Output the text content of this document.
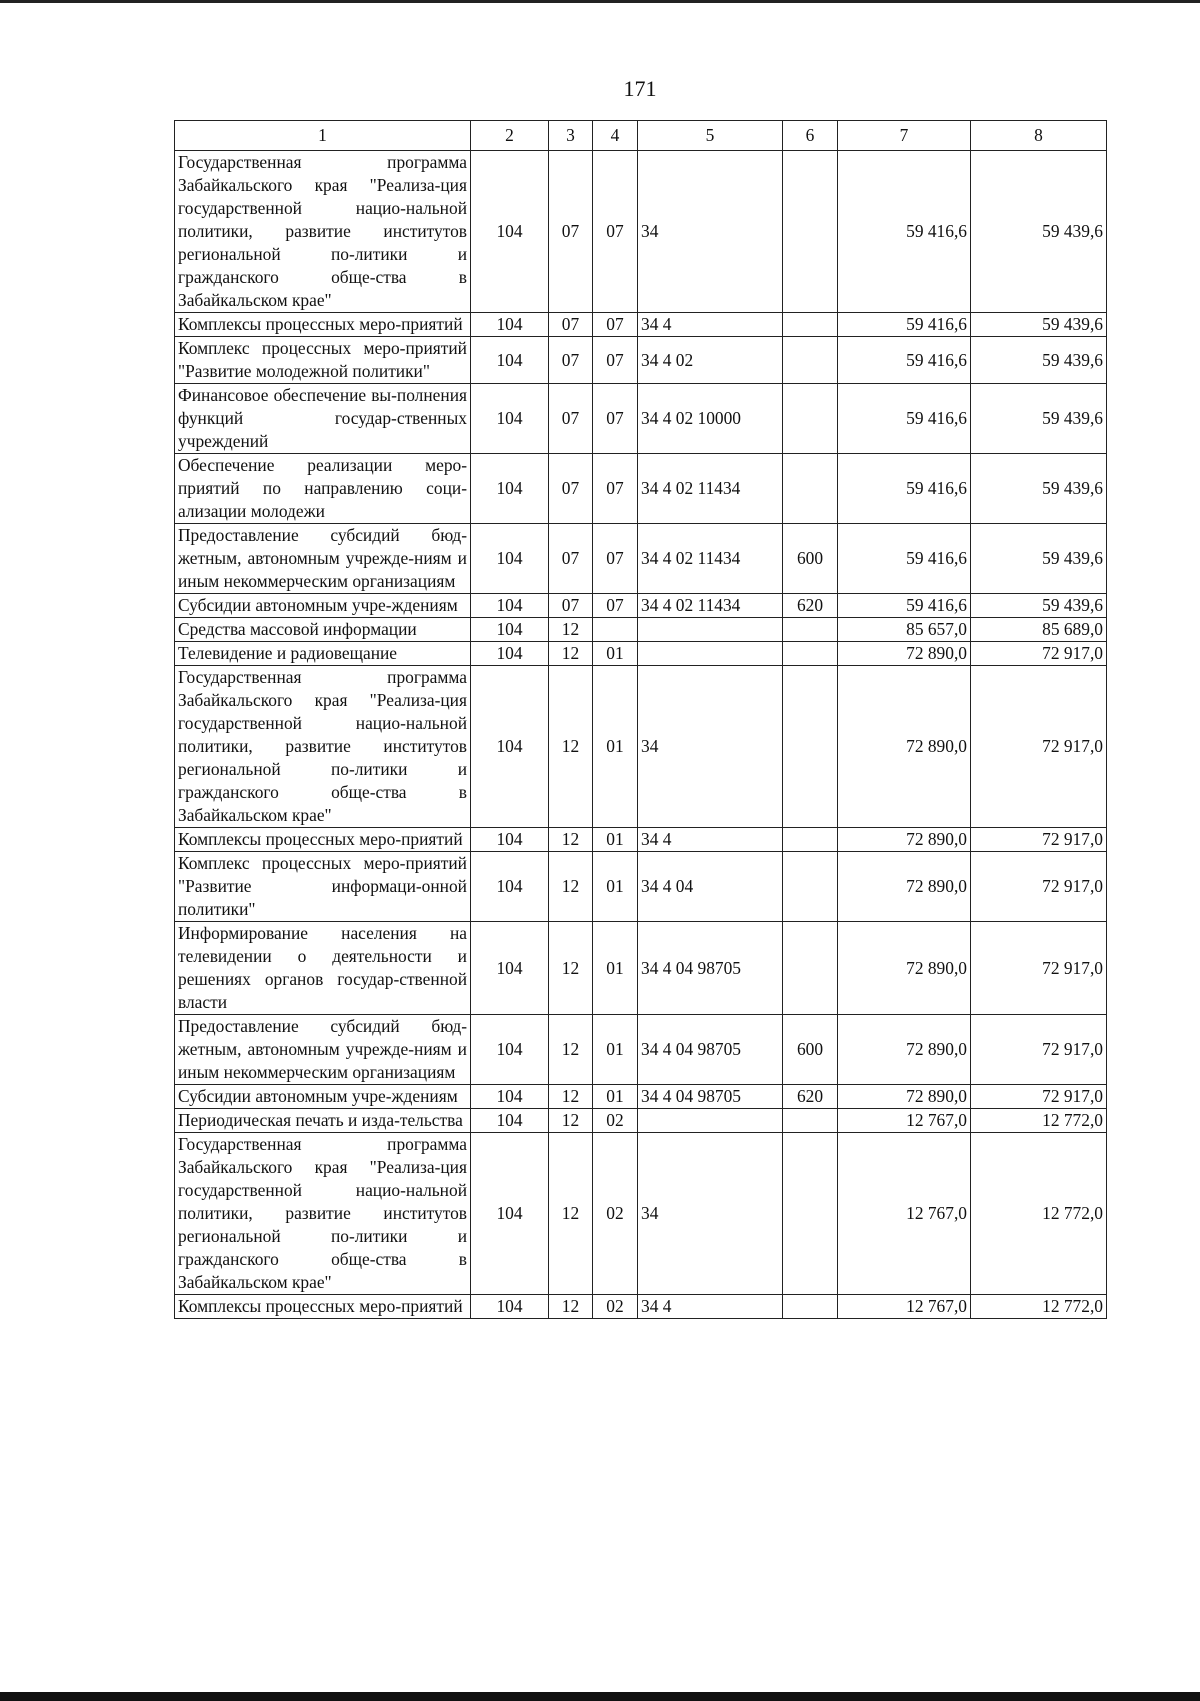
171
1	2	3	4	5	6	7	8
Государственная программа Забайкальского края "Реализа-ция государственной нацио-нальной политики, развитие институтов региональной по-литики и гражданского обще-ства в Забайкальском крае"	104	07	07	34		59 416,6	59 439,6
Комплексы процессных меро-приятий	104	07	07	34 4		59 416,6	59 439,6
Комплекс процессных меро-приятий "Развитие молодежной политики"	104	07	07	34 4 02		59 416,6	59 439,6
Финансовое обеспечение вы-полнения функций государ-ственных учреждений	104	07	07	34 4 02 10000		59 416,6	59 439,6
Обеспечение реализации меро-приятий по направлению соци-ализации молодежи	104	07	07	34 4 02 11434		59 416,6	59 439,6
Предоставление субсидий бюд-жетным, автономным учрежде-ниям и иным некоммерческим организациям	104	07	07	34 4 02 11434	600	59 416,6	59 439,6
Субсидии автономным учре-ждениям	104	07	07	34 4 02 11434	620	59 416,6	59 439,6
Средства массовой информации	104	12				85 657,0	85 689,0
Телевидение и радиовещание	104	12	01			72 890,0	72 917,0
Государственная программа Забайкальского края "Реализа-ция государственной нацио-нальной политики, развитие институтов региональной по-литики и гражданского обще-ства в Забайкальском крае"	104	12	01	34		72 890,0	72 917,0
Комплексы процессных меро-приятий	104	12	01	34 4		72 890,0	72 917,0
Комплекс процессных меро-приятий "Развитие информаци-онной политики"	104	12	01	34 4 04		72 890,0	72 917,0
Информирование населения на телевидении о деятельности и решениях органов государ-ственной власти	104	12	01	34 4 04 98705		72 890,0	72 917,0
Предоставление субсидий бюд-жетным, автономным учрежде-ниям и иным некоммерческим организациям	104	12	01	34 4 04 98705	600	72 890,0	72 917,0
Субсидии автономным учре-ждениям	104	12	01	34 4 04 98705	620	72 890,0	72 917,0
Периодическая печать и изда-тельства	104	12	02			12 767,0	12 772,0
Государственная программа Забайкальского края "Реализа-ция государственной нацио-нальной политики, развитие институтов региональной по-литики и гражданского обще-ства в Забайкальском крае"	104	12	02	34		12 767,0	12 772,0
Комплексы процессных меро-приятий	104	12	02	34 4		12 767,0	12 772,0
